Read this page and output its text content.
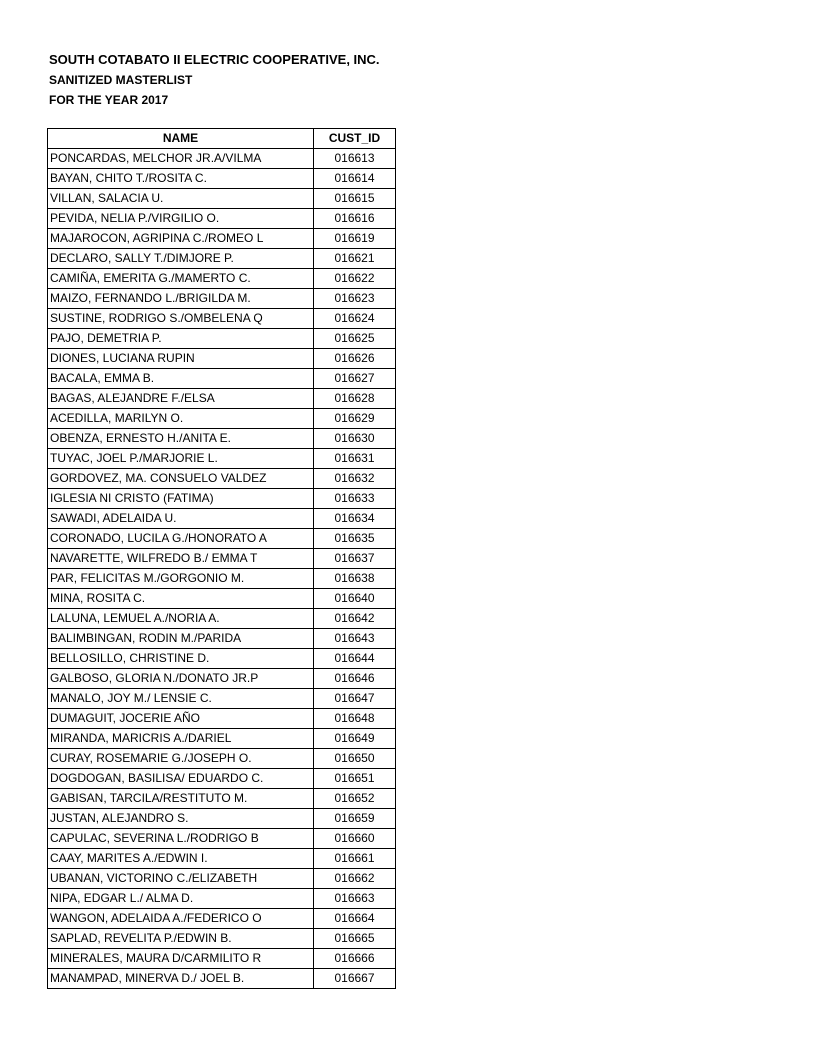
SOUTH COTABATO II ELECTRIC COOPERATIVE, INC.
SANITIZED MASTERLIST
FOR THE YEAR 2017
NAME	CUST_ID
PONCARDAS, MELCHOR JR.A/VILMA	016613
BAYAN, CHITO T./ROSITA C.	016614
VILLAN, SALACIA U.	016615
PEVIDA, NELIA P./VIRGILIO O.	016616
MAJAROCON, AGRIPINA C./ROMEO L	016619
DECLARO, SALLY T./DIMJORE P.	016621
CAMIÑA, EMERITA G./MAMERTO C.	016622
MAIZO, FERNANDO L./BRIGILDA M.	016623
SUSTINE, RODRIGO S./OMBELENA Q	016624
PAJO, DEMETRIA P.	016625
DIONES, LUCIANA RUPIN	016626
BACALA, EMMA B.	016627
BAGAS, ALEJANDRE F./ELSA	016628
ACEDILLA, MARILYN O.	016629
OBENZA, ERNESTO H./ANITA E.	016630
TUYAC, JOEL P./MARJORIE L.	016631
GORDOVEZ, MA. CONSUELO VALDEZ	016632
IGLESIA NI CRISTO (FATIMA)	016633
SAWADI, ADELAIDA U.	016634
CORONADO, LUCILA G./HONORATO A	016635
NAVARETTE, WILFREDO B./ EMMA T	016637
PAR, FELICITAS M./GORGONIO M.	016638
MINA, ROSITA C.	016640
LALUNA, LEMUEL A./NORIA A.	016642
BALIMBINGAN, RODIN M./PARIDA	016643
BELLOSILLO, CHRISTINE D.	016644
GALBOSO, GLORIA N./DONATO JR.P	016646
MANALO, JOY M./ LENSIE C.	016647
DUMAGUIT, JOCERIE AÑO	016648
MIRANDA, MARICRIS A./DARIEL	016649
CURAY, ROSEMARIE G./JOSEPH O.	016650
DOGDOGAN, BASILISA/ EDUARDO C.	016651
GABISAN, TARCILA/RESTITUTO M.	016652
JUSTAN, ALEJANDRO S.	016659
CAPULAC, SEVERINA L./RODRIGO B	016660
CAAY, MARITES A./EDWIN I.	016661
UBANAN, VICTORINO C./ELIZABETH	016662
NIPA, EDGAR L./ ALMA D.	016663
WANGON, ADELAIDA A./FEDERICO O	016664
SAPLAD, REVELITA P./EDWIN B.	016665
MINERALES, MAURA D/CARMILITO R	016666
MANAMPAD, MINERVA D./ JOEL B.	016667
